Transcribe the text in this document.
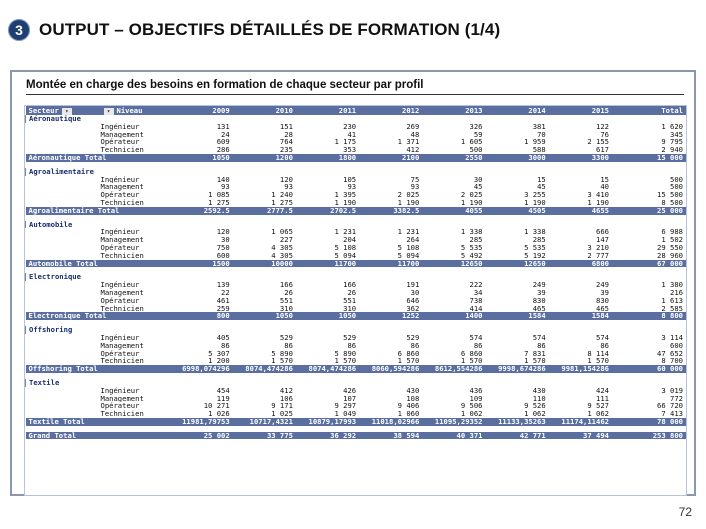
3 OUTPUT – OBJECTIFS DÉTAILLÉS DE FORMATION (1/4)
Montée en charge des besoins en formation de chaque secteur par profil
Secteur ▾	▾ Niveau	2009	2010	2011	2012	2013	2014	2015	Total
Aéronautique									
	Ingénieur	131	151	230	269	326	381	122	1 620
	Management	24	28	41	48	59	70	76	345
	Opérateur	609	764	1 175	1 371	1 605	1 959	2 155	9 795
	Technicien	286	235	353	412	500	588	617	2 940
Aéronautique Total		1050	1200	1800	2100	2550	3000	3300	15 000

Agroalimentaire									
	Ingénieur	140	120	105	75	30	15	15	500
	Management	93	93	93	93	45	45	40	500
	Opérateur	1 085	1 240	1 395	2 025	2 025	3 255	3 410	15 500
	Technicien	1 275	1 275	1 190	1 190	1 190	1 190	1 190	8 500
Agroalimentaire Total		2592.5	2777.5	2702.5	3382.5	4055	4505	4655	25 000

Automobile									
	Ingénieur	120	1 065	1 231	1 231	1 338	1 338	666	6 988
	Management	30	227	204	264	285	285	147	1 502
	Opérateur	750	4 305	5 108	5 108	5 535	5 535	3 210	29 550
	Technicien	600	4 305	5 094	5 094	5 492	5 192	2 777	28 960
Automobile Total		1500	10000	11700	11700	12650	12650	6800	67 000

Electronique									
	Ingénieur	139	166	166	191	222	249	249	1 380
	Management	22	26	26	30	34	39	39	216
	Opérateur	461	551	551	646	738	830	830	1 613
	Technicien	259	310	310	362	414	465	465	2 585
Electronique Total		800	1050	1050	1252	1400	1584	1584	8 800

Offshoring									
	Ingénieur	405	529	529	529	574	574	574	3 114
	Management	86	86	86	86	86	86	86	600
	Opérateur	5 307	5 890	5 890	6 860	6 860	7 831	8 114	47 652
	Technicien	1 200	1 570	1 570	1 570	1 570	1 570	1 570	8 700
Offshoring Total		6998,074296	8074,474286	8074,474286	8060,594286	8612,554286	9998,674286	9981,154286	60 000

Textile									
	Ingénieur	454	412	426	430	436	430	424	3 019
	Management	119	106	107	108	109	110	111	772
	Opérateur	10 271	9 171	9 297	9 406	9 506	9 526	9 527	66 720
	Technicien	1 026	1 025	1 049	1 060	1 062	1 062	1 062	7 413
Textile Total		11981,79753	10717,4321	10879,17993	11018,02966	11095,29352	11133,35263	11174,11462	78 000

Grand Total		25 002	33 775	36 292	38 594	40 371	42 771	37 494	253 800
72
